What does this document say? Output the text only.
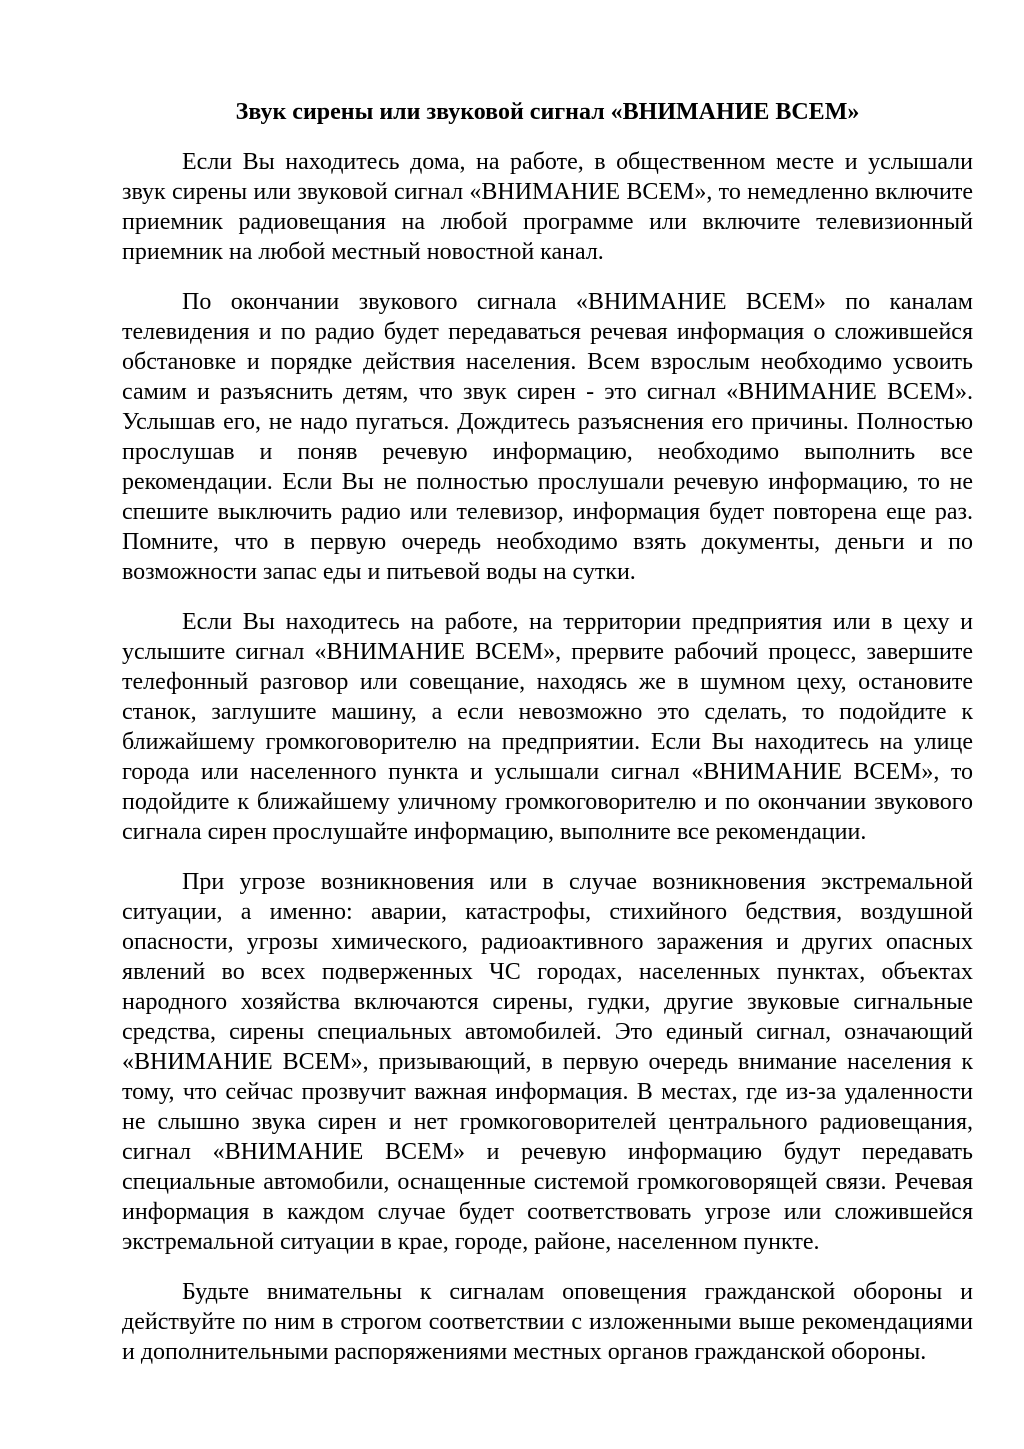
Звук сирены или звуковой сигнал «ВНИМАНИЕ ВСЕМ»

Если Вы находитесь дома, на работе, в общественном месте и услышали звук сирены или звуковой сигнал «ВНИМАНИЕ ВСЕМ», то немедленно включите приемник радиовещания на любой программе или включите телевизионный приемник на любой местный новостной канал.

По окончании звукового сигнала «ВНИМАНИЕ ВСЕМ» по каналам телевидения и по радио будет передаваться речевая информация о сложившейся обстановке и порядке действия населения. Всем взрослым необходимо усвоить самим и разъяснить детям, что звук сирен - это сигнал «ВНИМАНИЕ ВСЕМ». Услышав его, не надо пугаться. Дождитесь разъяснения его причины. Полностью прослушав и поняв речевую информацию, необходимо выполнить все рекомендации. Если Вы не полностью прослушали речевую информацию, то не спешите выключить радио или телевизор, информация будет повторена еще раз. Помните, что в первую очередь необходимо взять документы, деньги и по возможности запас еды и питьевой воды на сутки.

Если Вы находитесь на работе, на территории предприятия или в цеху и услышите сигнал «ВНИМАНИЕ ВСЕМ», прервите рабочий процесс, завершите телефонный разговор или совещание, находясь же в шумном цеху, остановите станок, заглушите машину, а если невозможно это сделать, то подойдите к ближайшему громкоговорителю на предприятии. Если Вы находитесь на улице города или населенного пункта и услышали сигнал «ВНИМАНИЕ ВСЕМ», то подойдите к ближайшему уличному громкоговорителю и по окончании звукового сигнала сирен прослушайте информацию, выполните все рекомендации.

При угрозе возникновения или в случае возникновения экстремальной ситуации, а именно: аварии, катастрофы, стихийного бедствия, воздушной опасности, угрозы химического, радиоактивного заражения и других опасных явлений во всех подверженных ЧС городах, населенных пунктах, объектах народного хозяйства включаются сирены, гудки, другие звуковые сигнальные средства, сирены специальных автомобилей. Это единый сигнал, означающий «ВНИМАНИЕ ВСЕМ», призывающий, в первую очередь внимание населения к тому, что сейчас прозвучит важная информация. В местах, где из-за удаленности не слышно звука сирен и нет громкоговорителей центрального радиовещания, сигнал «ВНИМАНИЕ ВСЕМ» и речевую информацию будут передавать специальные автомобили, оснащенные системой громкоговорящей связи. Речевая информация в каждом случае будет соответствовать угрозе или сложившейся экстремальной ситуации в крае, городе, районе, населенном пункте.

Будьте внимательны к сигналам оповещения гражданской обороны и действуйте по ним в строгом соответствии с изложенными выше рекомендациями и дополнительными распоряжениями местных органов гражданской обороны.
